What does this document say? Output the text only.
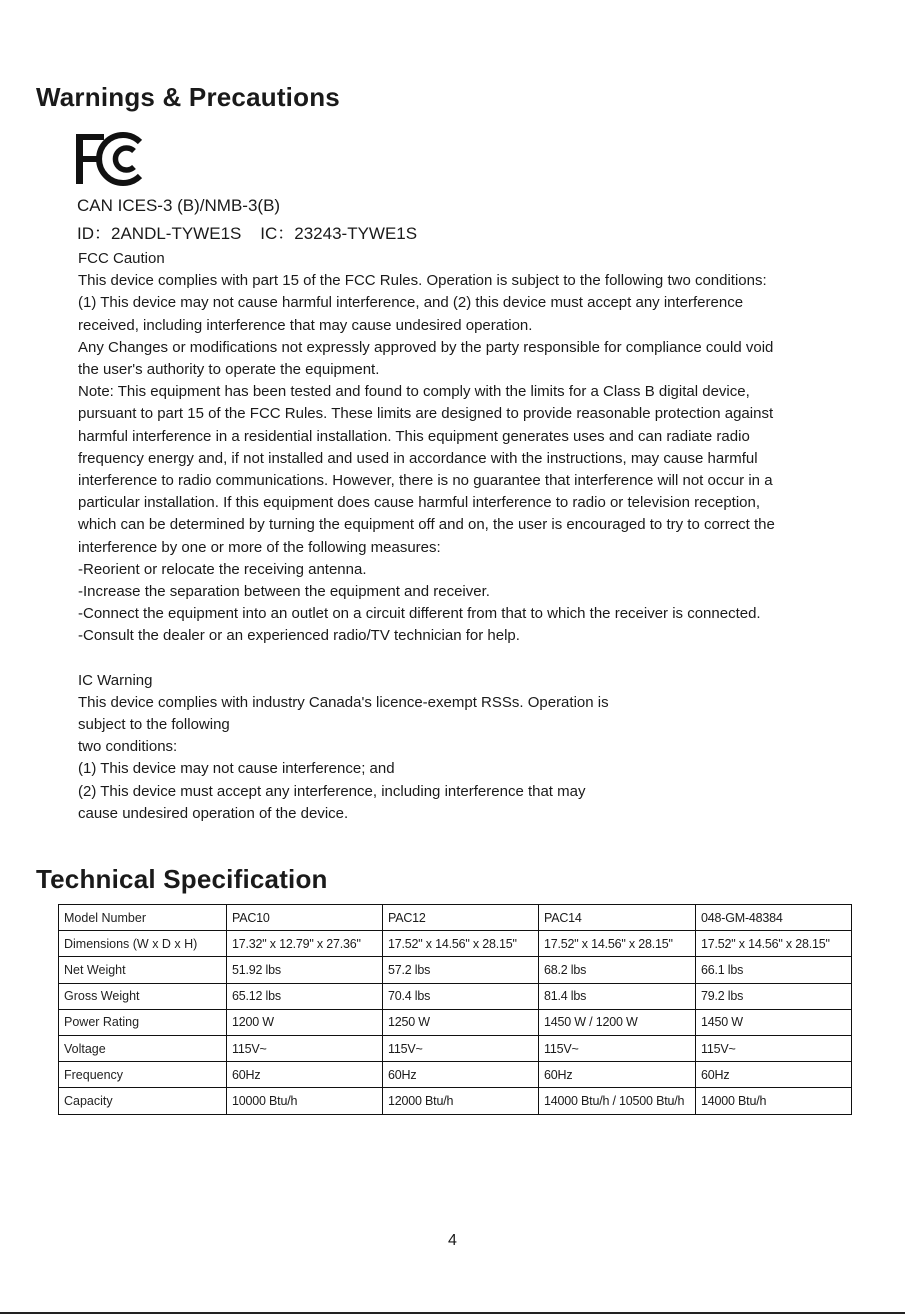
Warnings & Precautions
CAN ICES-3 (B)/NMB-3(B)
ID：2ANDL-TYWE1S    IC：23243-TYWE1S

FCC Caution

This device complies with part 15 of the FCC Rules. Operation is subject to the following two conditions:

(1) This device may not cause harmful interference, and (2) this device must accept any interference

received, including interference that may cause undesired operation.

Any Changes or modifications not expressly approved by the party responsible for compliance could void

the user's authority to operate the equipment.

Note: This equipment has been tested and found to comply with the limits for a Class B digital device,

pursuant to part 15 of the FCC Rules. These limits are designed to provide reasonable protection against

harmful interference in a residential installation. This equipment generates uses and can radiate radio

frequency energy and, if not installed and used in accordance with the instructions, may cause harmful

interference to radio communications. However, there is no guarantee that interference will not occur in a

particular installation. If this equipment does cause harmful interference to radio or television reception,

which can be determined by turning the equipment off and on, the user is encouraged to try to correct the

interference by one or more of the following measures:

-Reorient or relocate the receiving antenna.

-Increase the separation between the equipment and receiver.

-Connect the equipment into an outlet on a circuit different from that to which the receiver is connected.

-Consult the dealer or an experienced radio/TV technician for help.

IC Warning

This device complies with industry Canada's licence-exempt RSSs. Operation is

subject to the following

two conditions:

(1) This device may not cause interference; and

(2) This device must accept any interference, including interference that may

cause undesired operation of the device.

Technical Specification
Model Number	PAC10	PAC12	PAC14	048-GM-48384
Dimensions (W x D x H)	17.32" x 12.79" x 27.36"	17.52" x 14.56" x 28.15"	17.52" x 14.56" x 28.15"	17.52" x 14.56" x 28.15"
Net Weight	51.92 lbs	57.2 lbs	68.2 lbs	66.1 lbs
Gross Weight	65.12 lbs	70.4 lbs	81.4 lbs	79.2 lbs
Power Rating	1200 W	1250 W	1450 W / 1200 W	1450 W
Voltage	115V~	115V~	115V~	115V~
Frequency	60Hz	60Hz	60Hz	60Hz
Capacity	10000 Btu/h	12000 Btu/h	14000 Btu/h / 10500 Btu/h	14000 Btu/h
4
